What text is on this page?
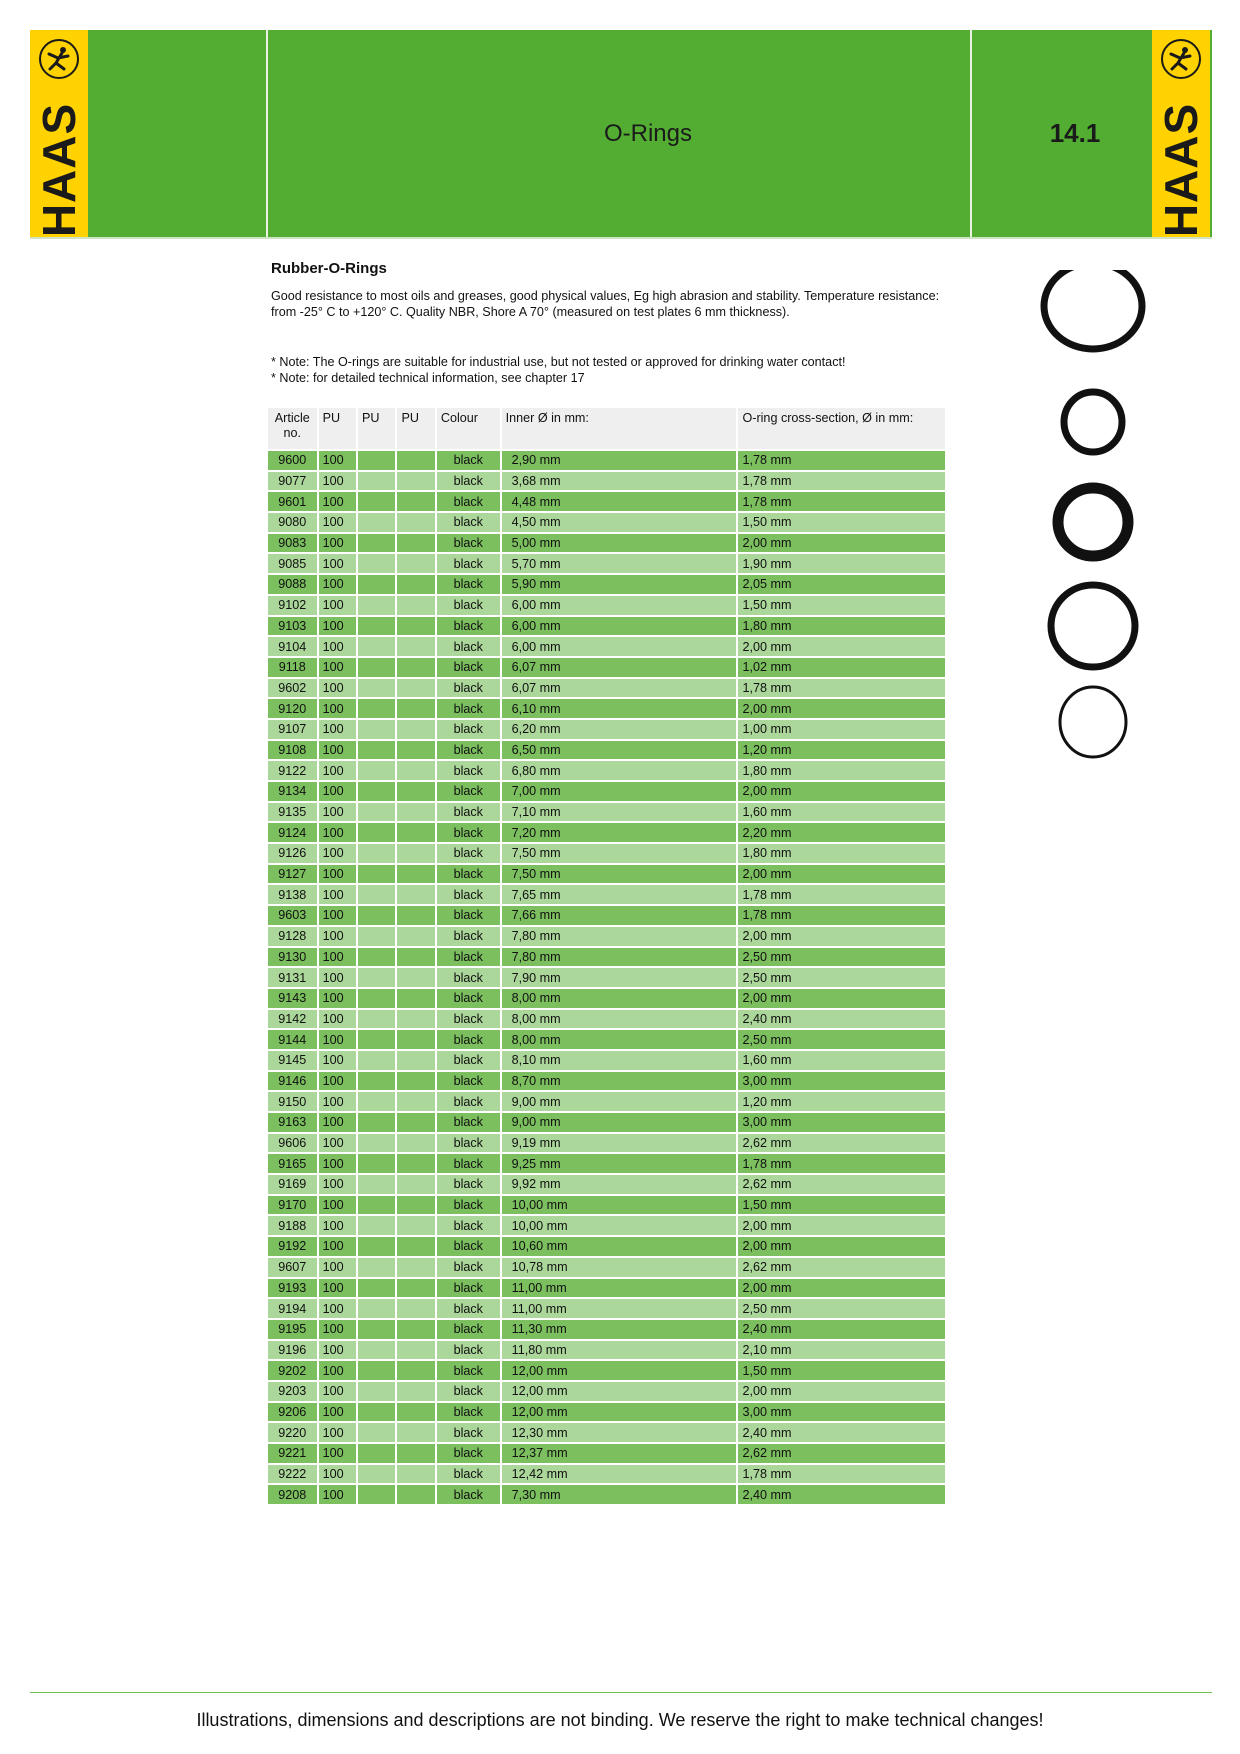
HAAS	O-Rings	14.1	HAAS
Rubber-O-Rings
Good resistance to most oils and greases, good physical values, Eg high abrasion and stability. Temperature resistance: from -25° C to +120° C. Quality NBR, Shore A 70° (measured on test plates 6 mm thickness).
* Note: The O-rings are suitable for industrial use, but not tested or approved for drinking water contact!
* Note: for detailed technical information, see chapter 17
Article no.	PU	PU	PU	Colour	Inner Ø in mm:	O-ring cross-section, Ø in mm:
9600	100			black	2,90 mm	1,78 mm
9077	100			black	3,68 mm	1,78 mm
9601	100			black	4,48 mm	1,78 mm
9080	100			black	4,50 mm	1,50 mm
9083	100			black	5,00 mm	2,00 mm
9085	100			black	5,70 mm	1,90 mm
9088	100			black	5,90 mm	2,05 mm
9102	100			black	6,00 mm	1,50 mm
9103	100			black	6,00 mm	1,80 mm
9104	100			black	6,00 mm	2,00 mm
9118	100			black	6,07 mm	1,02 mm
9602	100			black	6,07 mm	1,78 mm
9120	100			black	6,10 mm	2,00 mm
9107	100			black	6,20 mm	1,00 mm
9108	100			black	6,50 mm	1,20 mm
9122	100			black	6,80 mm	1,80 mm
9134	100			black	7,00 mm	2,00 mm
9135	100			black	7,10 mm	1,60 mm
9124	100			black	7,20 mm	2,20 mm
9126	100			black	7,50 mm	1,80 mm
9127	100			black	7,50 mm	2,00 mm
9138	100			black	7,65 mm	1,78 mm
9603	100			black	7,66 mm	1,78 mm
9128	100			black	7,80 mm	2,00 mm
9130	100			black	7,80 mm	2,50 mm
9131	100			black	7,90 mm	2,50 mm
9143	100			black	8,00 mm	2,00 mm
9142	100			black	8,00 mm	2,40 mm
9144	100			black	8,00 mm	2,50 mm
9145	100			black	8,10 mm	1,60 mm
9146	100			black	8,70 mm	3,00 mm
9150	100			black	9,00 mm	1,20 mm
9163	100			black	9,00 mm	3,00 mm
9606	100			black	9,19 mm	2,62 mm
9165	100			black	9,25 mm	1,78 mm
9169	100			black	9,92 mm	2,62 mm
9170	100			black	10,00 mm	1,50 mm
9188	100			black	10,00 mm	2,00 mm
9192	100			black	10,60 mm	2,00 mm
9607	100			black	10,78 mm	2,62 mm
9193	100			black	11,00 mm	2,00 mm
9194	100			black	11,00 mm	2,50 mm
9195	100			black	11,30 mm	2,40 mm
9196	100			black	11,80 mm	2,10 mm
9202	100			black	12,00 mm	1,50 mm
9203	100			black	12,00 mm	2,00 mm
9206	100			black	12,00 mm	3,00 mm
9220	100			black	12,30 mm	2,40 mm
9221	100			black	12,37 mm	2,62 mm
9222	100			black	12,42 mm	1,78 mm
9208	100			black	7,30 mm	2,40 mm
Illustrations, dimensions and descriptions are not binding. We reserve the right to make technical changes!
